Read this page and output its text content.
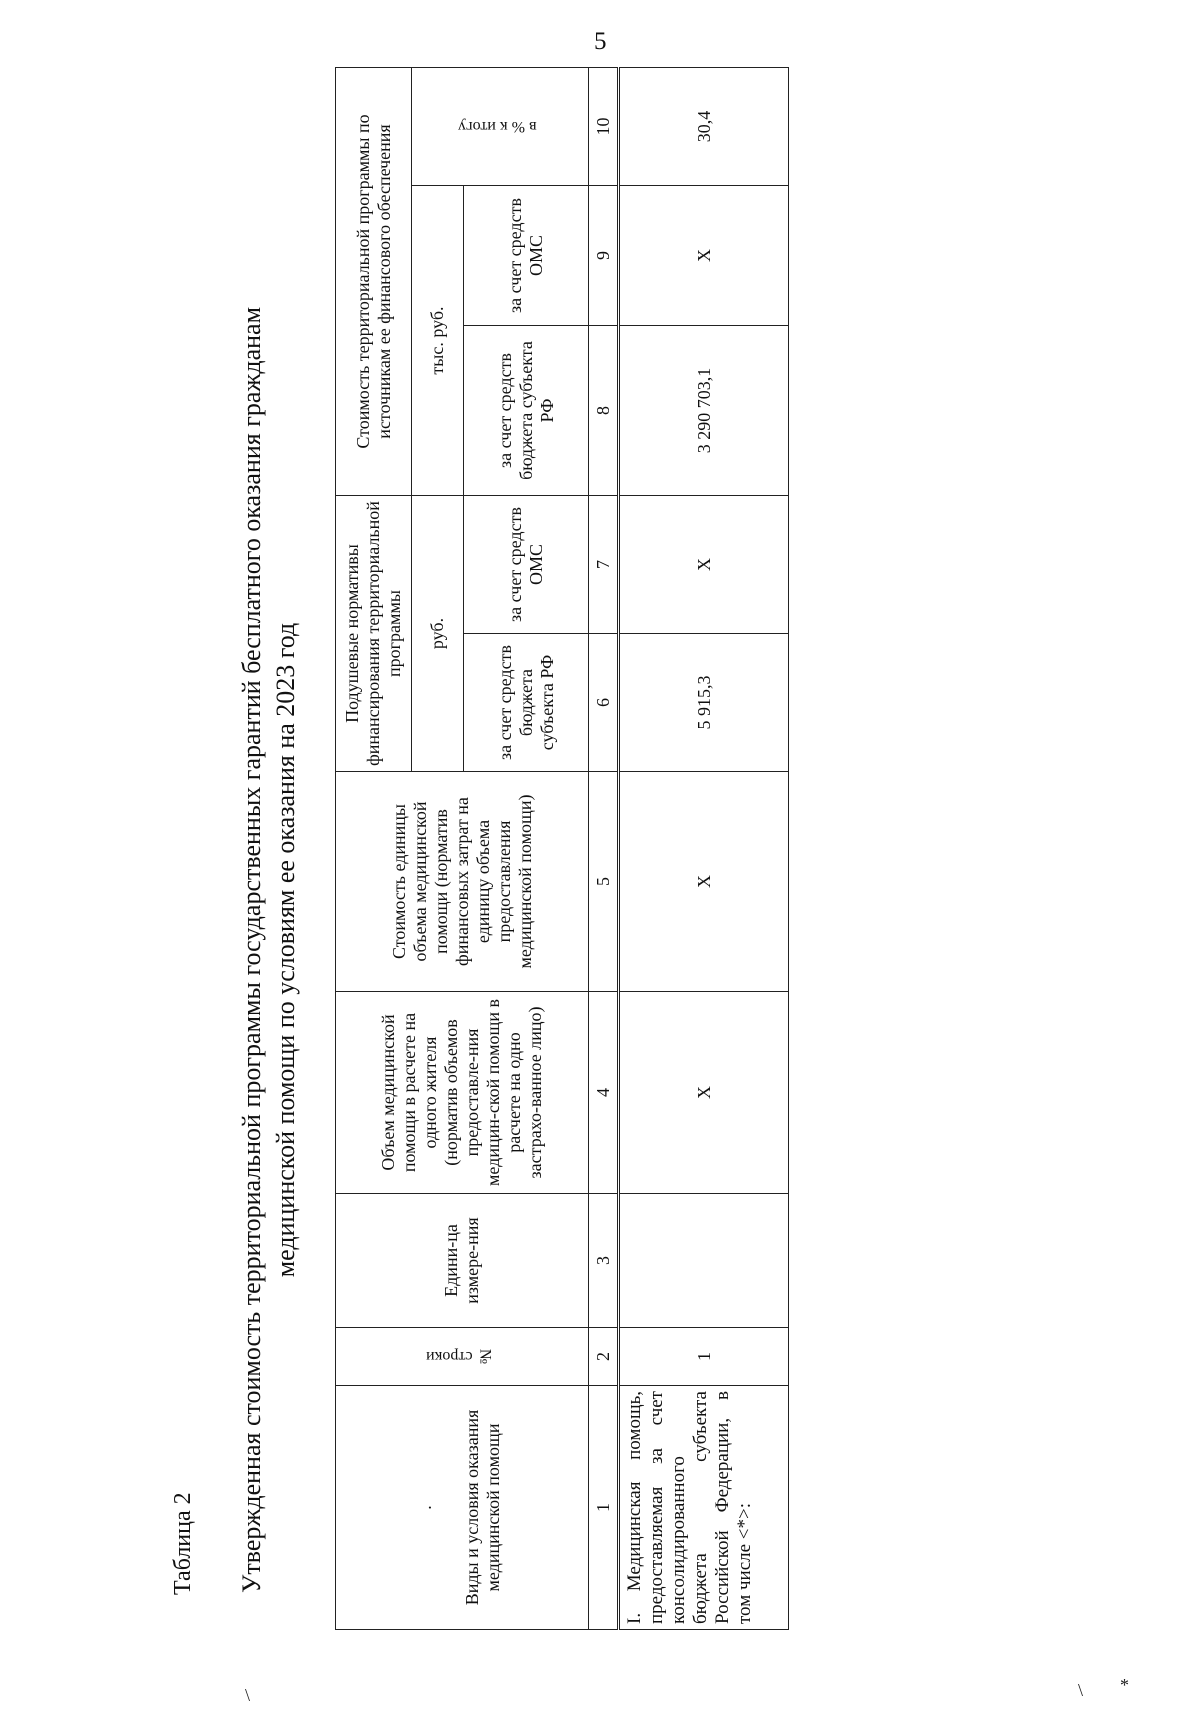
5
Таблица 2 Утвержденная стоимость территориальной программы государственных гарантий бесплатного оказания гражданам медицинской помощи по условиям ее оказания на 2023 год
· Виды и условия оказания медицинской помощи	№ строки	Едини-ца измере-ния	Объем медицинской помощи в расчете на одного жителя (норматив объемов предоставле-ния медицин-ской помощи в расчете на одно застрахо-ванное лицо)	Стоимость единицы объема медицинской помощи (норматив финансовых затрат на единицу объема предоставления медицинской помощи)	Подушевые нормативы финансирования территориальной программы		Стоимость территориальной программы по источникам ее финансового обеспечения		
					руб.		тыс. руб.		в % к итогу
					за счет средств бюджета субъекта РФ	за счет средств ОМС	за счет средств бюджета субъекта РФ	за счет средств ОМС	
1	2	3	4	5	6	7	8	9	10
I. Медицинская помощь, предоставляемая за счет консолидированного бюджета субъекта Российской Федерации, в том числе <*>:	1		Х	Х	5 915,3	Х	3 290 703,1	Х	30,4
\	\ *
